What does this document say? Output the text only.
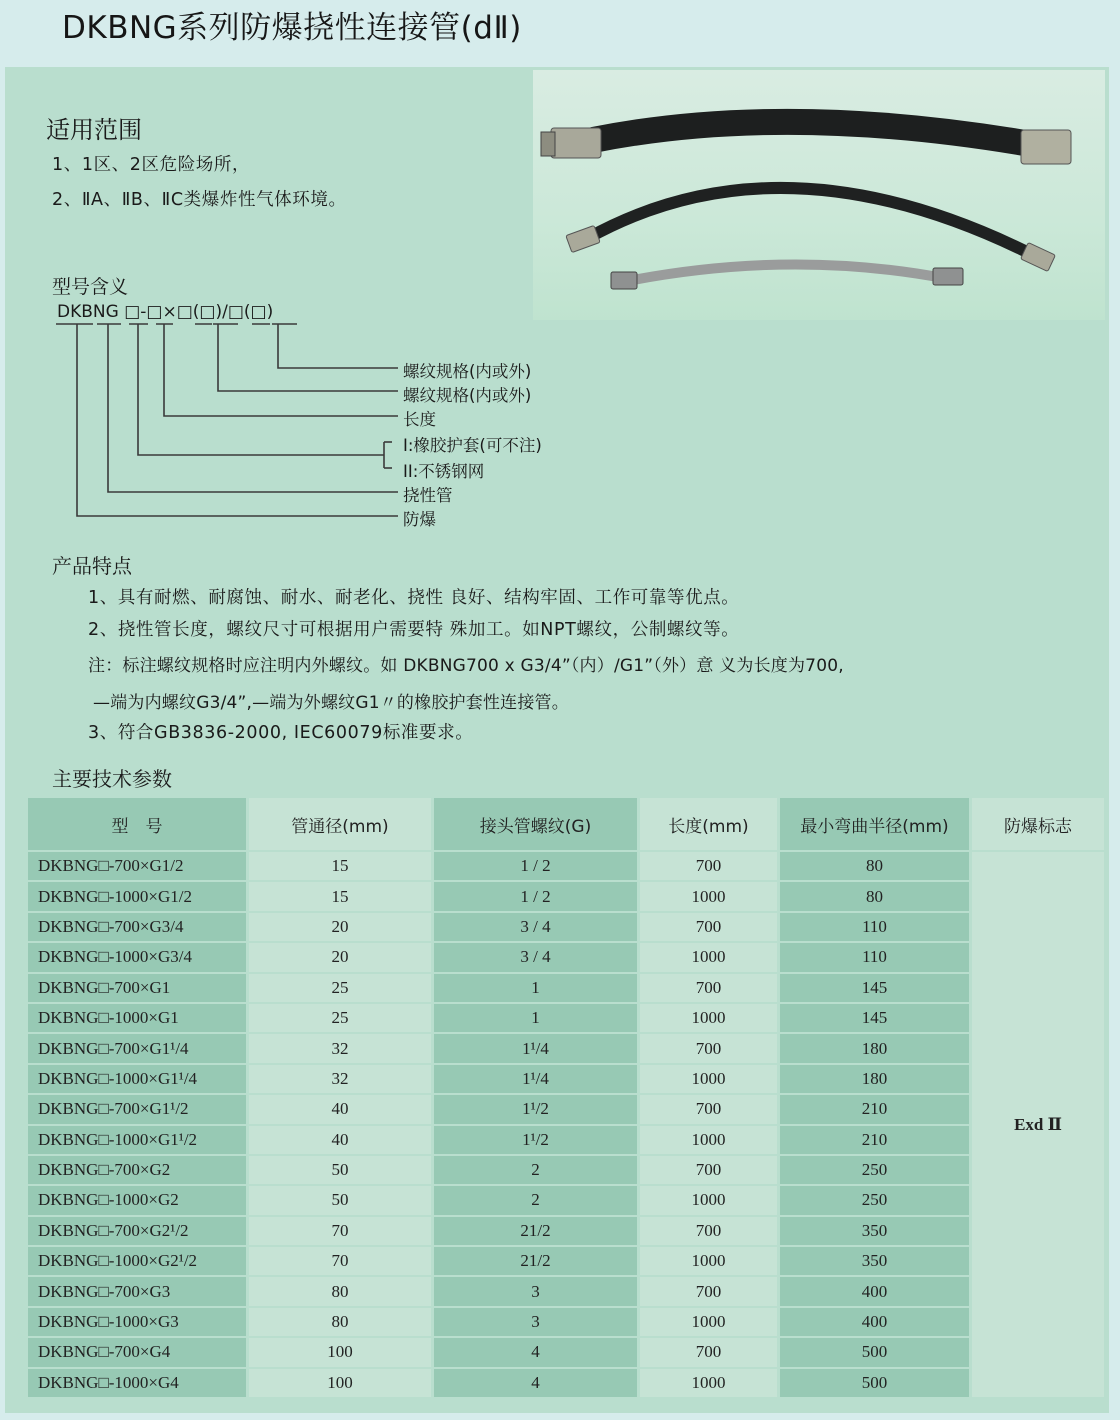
DKBNG系列防爆挠性连接管(dⅡ)
适用范围
1、1区、2区危险场所，
2、ⅡA、ⅡB、ⅡC类爆炸性气体环境。
型号含义
DKBNG □-□×□(□)/□(□)
螺纹规格(内或外)
螺纹规格(内或外)
长度
I:橡胶护套(可不注)
II:不锈钢网
挠性管
防爆
产品特点
1、具有耐燃、耐腐蚀、耐水、耐老化、挠性 良好、结构牢固、工作可靠等优点。
2、挠性管长度，螺纹尺寸可根据用户需要特 殊加工。如NPT螺纹，公制螺纹等。
注：标注螺纹规格时应注明内外螺纹。如 DKBNG700 x G3/4”（内）/G1”（外）意 义为长度为700,
—端为内螺纹G3/4”,—端为外螺纹G1〃的橡胶护套性连接管。
3、符合GB3836-2000, IEC60079标准要求。
主要技术参数
型　号	管通径(mm)	接头管螺纹(G)	长度(mm)	最小弯曲半径(mm)	防爆标志
DKBNG□-700×G1/2	15	1 / 2	700	80	Exd Ⅱ
DKBNG□-1000×G1/2	15	1 / 2	1000	80	
DKBNG□-700×G3/4	20	3 / 4	700	110	
DKBNG□-1000×G3/4	20	3 / 4	1000	110	
DKBNG□-700×G1	25	1	700	145	
DKBNG□-1000×G1	25	1	1000	145	
DKBNG□-700×G1¹/4	32	1¹/4	700	180	
DKBNG□-1000×G1¹/4	32	1¹/4	1000	180	
DKBNG□-700×G1¹/2	40	1¹/2	700	210	
DKBNG□-1000×G1¹/2	40	1¹/2	1000	210	
DKBNG□-700×G2	50	2	700	250	
DKBNG□-1000×G2	50	2	1000	250	
DKBNG□-700×G2¹/2	70	21/2	700	350	
DKBNG□-1000×G2¹/2	70	21/2	1000	350	
DKBNG□-700×G3	80	3	700	400	
DKBNG□-1000×G3	80	3	1000	400	
DKBNG□-700×G4	100	4	700	500	
DKBNG□-1000×G4	100	4	1000	500	
